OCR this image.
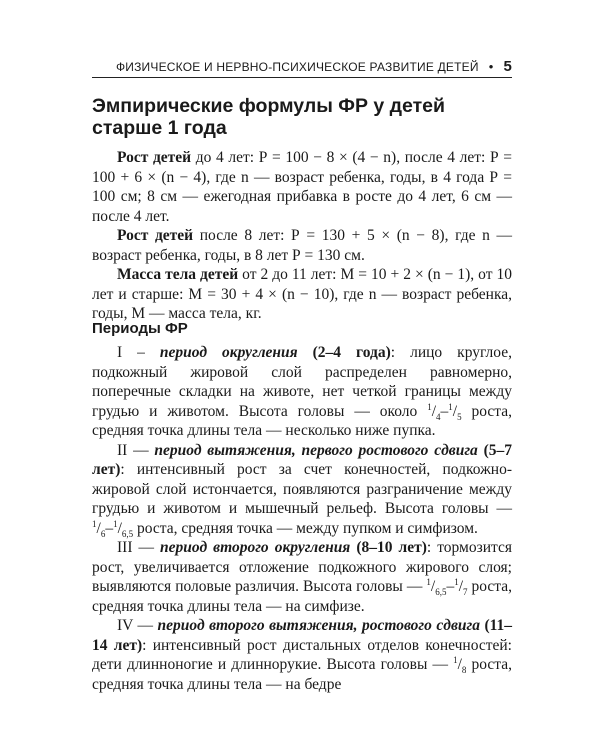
ФИЗИЧЕСКОЕ И НЕРВНО-ПСИХИЧЕСКОЕ РАЗВИТИЕ ДЕТЕЙ • 5
Эмпирические формулы ФР у детей старше 1 года

Рост детей до 4 лет: Р = 100 − 8 × (4 − n), после 4 лет: Р = 100 + 6 × (n − 4), где n — возраст ребенка, годы, в 4 года Р = 100 см; 8 см — ежегодная прибавка в росте до 4 лет, 6 см — после 4 лет.

Рост детей после 8 лет: Р = 130 + 5 × (n − 8), где n — возраст ребенка, годы, в 8 лет Р = 130 см.

Масса тела детей от 2 до 11 лет: М = 10 + 2 × (n − 1), от 10 лет и старше: М = 30 + 4 × (n − 10), где n — возраст ребенка, годы, М — масса тела, кг.

Периоды ФР

I – период округления (2–4 года): лицо круглое, подкожный жировой слой распределен равномерно, поперечные складки на животе, нет четкой границы между грудью и животом. Высота головы — около $^1/_4-^1/_5$ роста, средняя точка длины тела — несколько ниже пупка.

II — период вытяжения, первого ростового сдвига (5–7 лет): интенсивный рост за счет конечностей, подкожно-жировой слой истончается, появляются разграничение между грудью и животом и мышечный рельеф. Высота головы — $^1/_6-^1/_{6,5}$ роста, средняя точка — между пупком и симфизом.

III — период второго округления (8–10 лет): тормозится рост, увеличивается отложение подкожного жирового слоя; выявляются половые различия. Высота головы — $^1/_{6,5}-^1/_7$ роста, средняя точка длины тела — на симфизе.

IV — период второго вытяжения, ростового сдвига (11–14 лет): интенсивный рост дистальных отделов конечностей: дети длинноногие и длиннорукие. Высота головы — $^1/_8$ роста, средняя точка длины тела — на бедре
